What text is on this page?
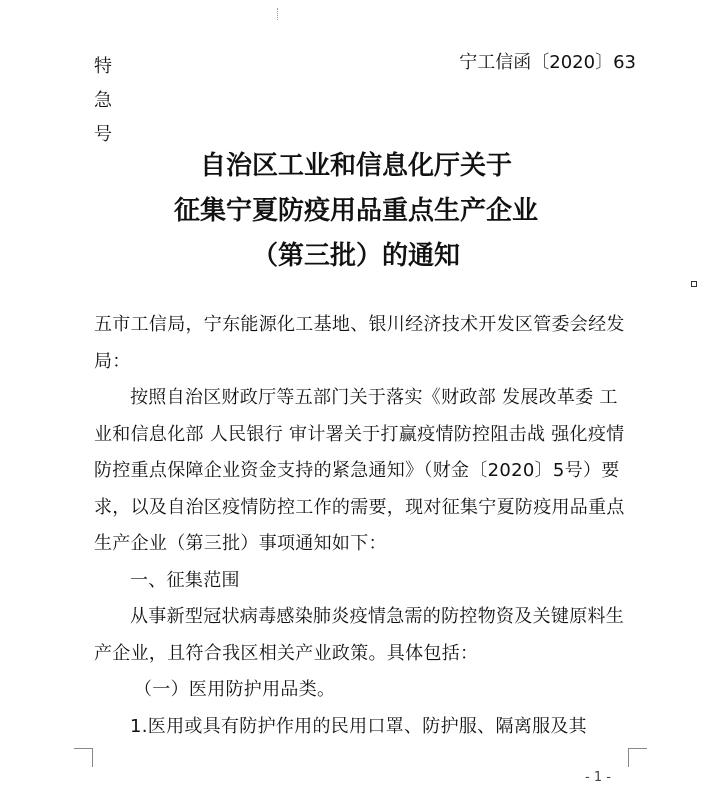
特 急 号
宁工信函〔2020〕63
自治区工业和信息化厅关于
征集宁夏防疫用品重点生产企业
（第三批）的通知

五市工信局，宁东能源化工基地、银川经济技术开发区管委会经发局：

按照自治区财政厅等五部门关于落实《财政部 发展改革委 工业和信息化部 人民银行 审计署关于打赢疫情防控阻击战 强化疫情防控重点保障企业资金支持的紧急通知》（财金〔2020〕5号）要求，以及自治区疫情防控工作的需要，现对征集宁夏防疫用品重点生产企业（第三批）事项通知如下：

一、征集范围

从事新型冠状病毒感染肺炎疫情急需的防控物资及关键原料生产企业，且符合我区相关产业政策。具体包括：

（一）医用防护用品类。

1.医用或具有防护作用的民用口罩、防护服、隔离服及其

- 1 -
